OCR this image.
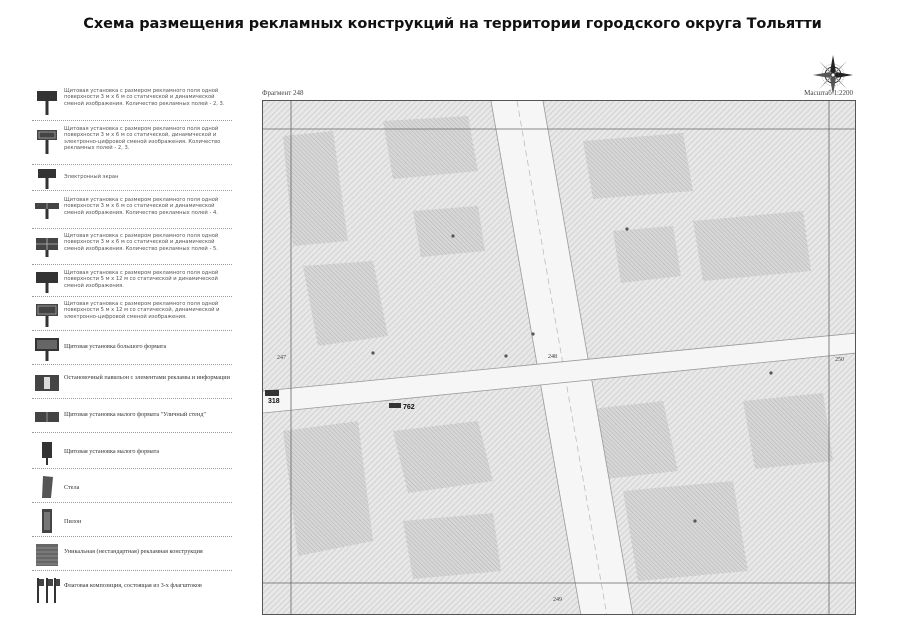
Схема размещения рекламных конструкций на территории городского округа Тольятти
Щитовая установка с размером рекламного поля одной поверхности 3 м х 6 м со статической и динамической сменой изображения. Количество рекламных полей - 2, 3.
Щитовая установка с размером рекламного поля одной поверхности 3 м х 6 м со статической, динамической и электронно-цифровой сменой изображения. Количество рекламных полей - 2, 3.
Электронный экран
Щитовая установка с размером рекламного поля одной поверхности 3 м х 6 м со статической и динамической сменой изображения. Количество рекламных полей - 4.
Щитовая установка с размером рекламного поля одной поверхности 3 м х 6 м со статической и динамической сменой изображения. Количество рекламных полей - 5.
Щитовая установка с размером рекламного поля одной поверхности 5 м х 12 м со статической и динамической сменой изображения.
Щитовая установка с размером рекламного поля одной поверхности 5 м х 12 м со статической, динамической и электронно-цифровой сменой изображения.
Щитовая установка большого формата
Остановочный павильон с элементами рекламы и информации
Щитовая установка малого формата "Уличный стенд"
Щитовая установка малого формата
Стела
Пилон
Уникальная (нестандартная) рекламная конструкция
Флаговая композиция, состоящая из 3-х флагштоков
Фрагмент 248	Масштаб 1:2200
247	250
249
248
318
762
